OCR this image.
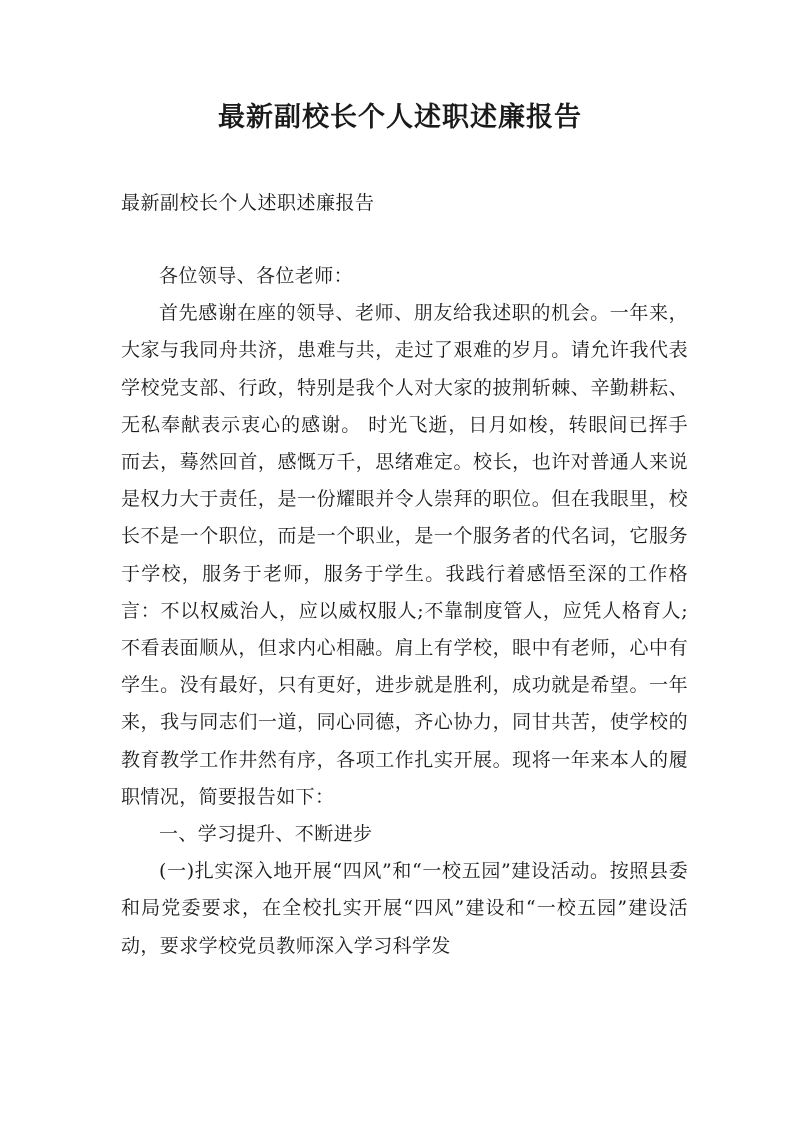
最新副校长个人述职述廉报告

最新副校长个人述职述廉报告

各位领导、各位老师：

首先感谢在座的领导、老师、朋友给我述职的机会。一年来，大家与我同舟共济，患难与共，走过了艰难的岁月。请允许我代表学校党支部、行政，特别是我个人对大家的披荆斩棘、辛勤耕耘、无私奉献表示衷心的感谢。 时光飞逝，日月如梭，转眼间已挥手而去，蓦然回首，感慨万千，思绪难定。校长，也许对普通人来说是权力大于责任，是一份耀眼并令人崇拜的职位。但在我眼里，校长不是一个职位，而是一个职业，是一个服务者的代名词，它服务于学校，服务于老师，服务于学生。我践行着感悟至深的工作格言：不以权威治人，应以威权服人;不靠制度管人，应凭人格育人;不看表面顺从，但求内心相融。肩上有学校，眼中有老师，心中有学生。没有最好，只有更好，进步就是胜利，成功就是希望。一年来，我与同志们一道，同心同德，齐心协力，同甘共苦，使学校的教育教学工作井然有序，各项工作扎实开展。现将一年来本人的履职情况，简要报告如下：

一、学习提升、不断进步

(一)扎实深入地开展“四风”和“一校五园”建设活动。按照县委和局党委要求，在全校扎实开展“四风”建设和“一校五园”建设活动，要求学校党员教师深入学习科学发
